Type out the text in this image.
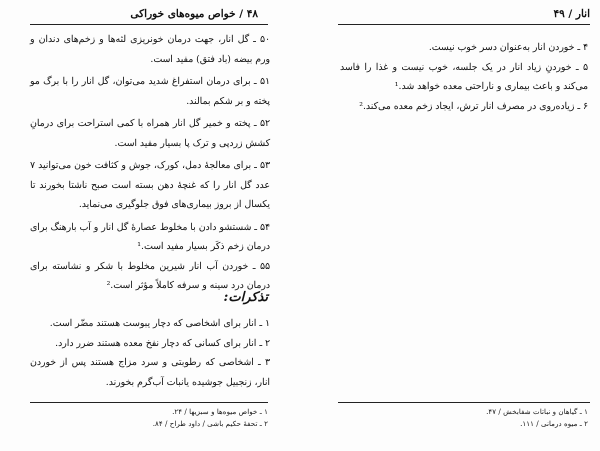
۴۸ / خواص میوه‌های خوراکی

۵۰ ـ گل انار، جهت درمان خونریزی لثه‌ها و زخم‌های دندان و ورم بیضه (باد فتق) مفید است.

۵۱ ـ برای درمان استفراغ شدید می‌توان، گل انار را با برگ مو پخته و بر شکم بمالند.

۵۲ ـ پخته و خمیر گل انار همراه با کمی استراحت برای درمانِ کشش زردپی و ترک پا بسیار مفید است.

۵۳ ـ برای معالجهٔ دمل، کورک، جوش و کثافت خون می‌توانید ۷ عدد گل انار را که غنچهٔ دهن بسته است صبح ناشتا بخورند تا یکسال از بروز بیماری‌های فوق جلوگیری می‌نماید.

۵۴ ـ شستشو دادن با مخلوط عصارهٔ گل انار و آب بارهنگ برای درمان زخم ذکَر بسیار مفید است.¹

۵۵ ـ خوردن آب انار شیرین مخلوط با شکر و نشاسته برای درمان درد سینه و سرفه کاملاً مؤثر است.²

تذکرات:

۱ ـ انار برای اشخاصی که دچار یبوست هستند مضّر است.

۲ ـ انار برای کسانی که دچار نفخ معده هستند ضرر دارد.

۳ ـ اشخاصی که رطوبتی و سرد مزاج هستند پس از خوردن انار، زنجبیل جوشیده یانبات آب‌گرم بخورند.

۱ ـ خواص میوه‌ها و سبزیها / ۲۴.

۲ ـ تحفهٔ حکیم باشی / داود طراح / ۸۴.

انار / ۴۹

۴ ـ خوردن انار به‌عنوان دسر خوب نیست.

۵ ـ خوردنِ زیاد انار در یک جلسه، خوب نیست و غذا را فاسد می‌کند و باعث بیماری و ناراحتی معده خواهد شد.¹

۶ ـ زیاده‌روی در مصرف انار ترش، ایجاد زخم معده می‌کند.²

۱ ـ گیاهان و نباتات شفابخش / ۴۷.

۲ ـ میوه درمانی / ۱۱۱.
